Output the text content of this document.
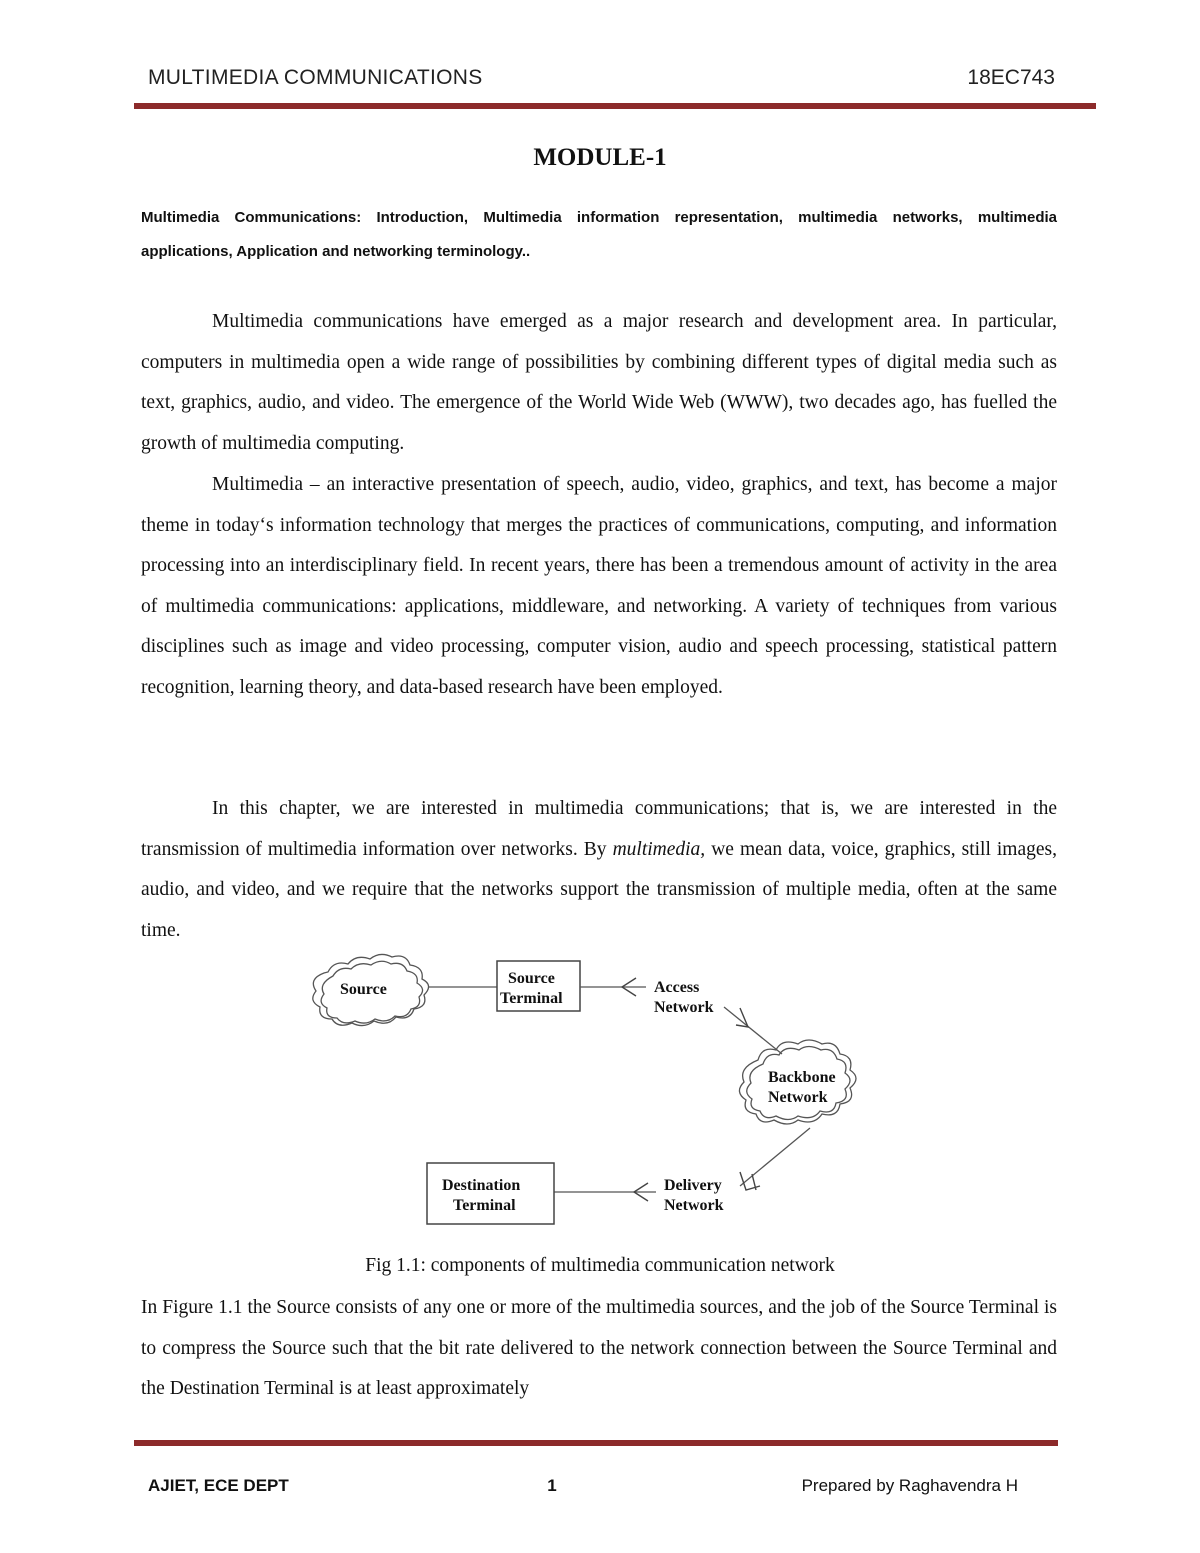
MULTIMEDIA COMMUNICATIONS	18EC743
MODULE-1
Multimedia Communications: Introduction, Multimedia information representation, multimedia networks, multimedia applications, Application and networking terminology..

Multimedia communications have emerged as a major research and development area. In particular, computers in multimedia open a wide range of possibilities by combining different types of digital media such as text, graphics, audio, and video. The emergence of the World Wide Web (WWW), two decades ago, has fuelled the growth of multimedia computing.

Multimedia – an interactive presentation of speech, audio, video, graphics, and text, has become a major theme in today‘s information technology that merges the practices of communications, computing, and information processing into an interdisciplinary field. In recent years, there has been a tremendous amount of activity in the area of multimedia communications: applications, middleware, and networking. A variety of techniques from various disciplines such as image and video processing, computer vision, audio and speech processing, statistical pattern recognition, learning theory, and data-based research have been employed.

In this chapter, we are interested in multimedia communications; that is, we are interested in the transmission of multimedia information over networks. By multimedia, we mean data, voice, graphics, still images, audio, and video, and we require that the networks support the transmission of multiple media, often at the same time.

Source
Source
Terminal
Access
Network
Backbone
Network
Delivery
Network
Destination
Terminal
Fig 1.1: components of multimedia communication network

In Figure 1.1 the Source consists of any one or more of the multimedia sources, and the job of the Source Terminal is to compress the Source such that the bit rate delivered to the network connection between the Source Terminal and the Destination Terminal is at least approximately

AJIET, ECE DEPT	1	Prepared by Raghavendra H
